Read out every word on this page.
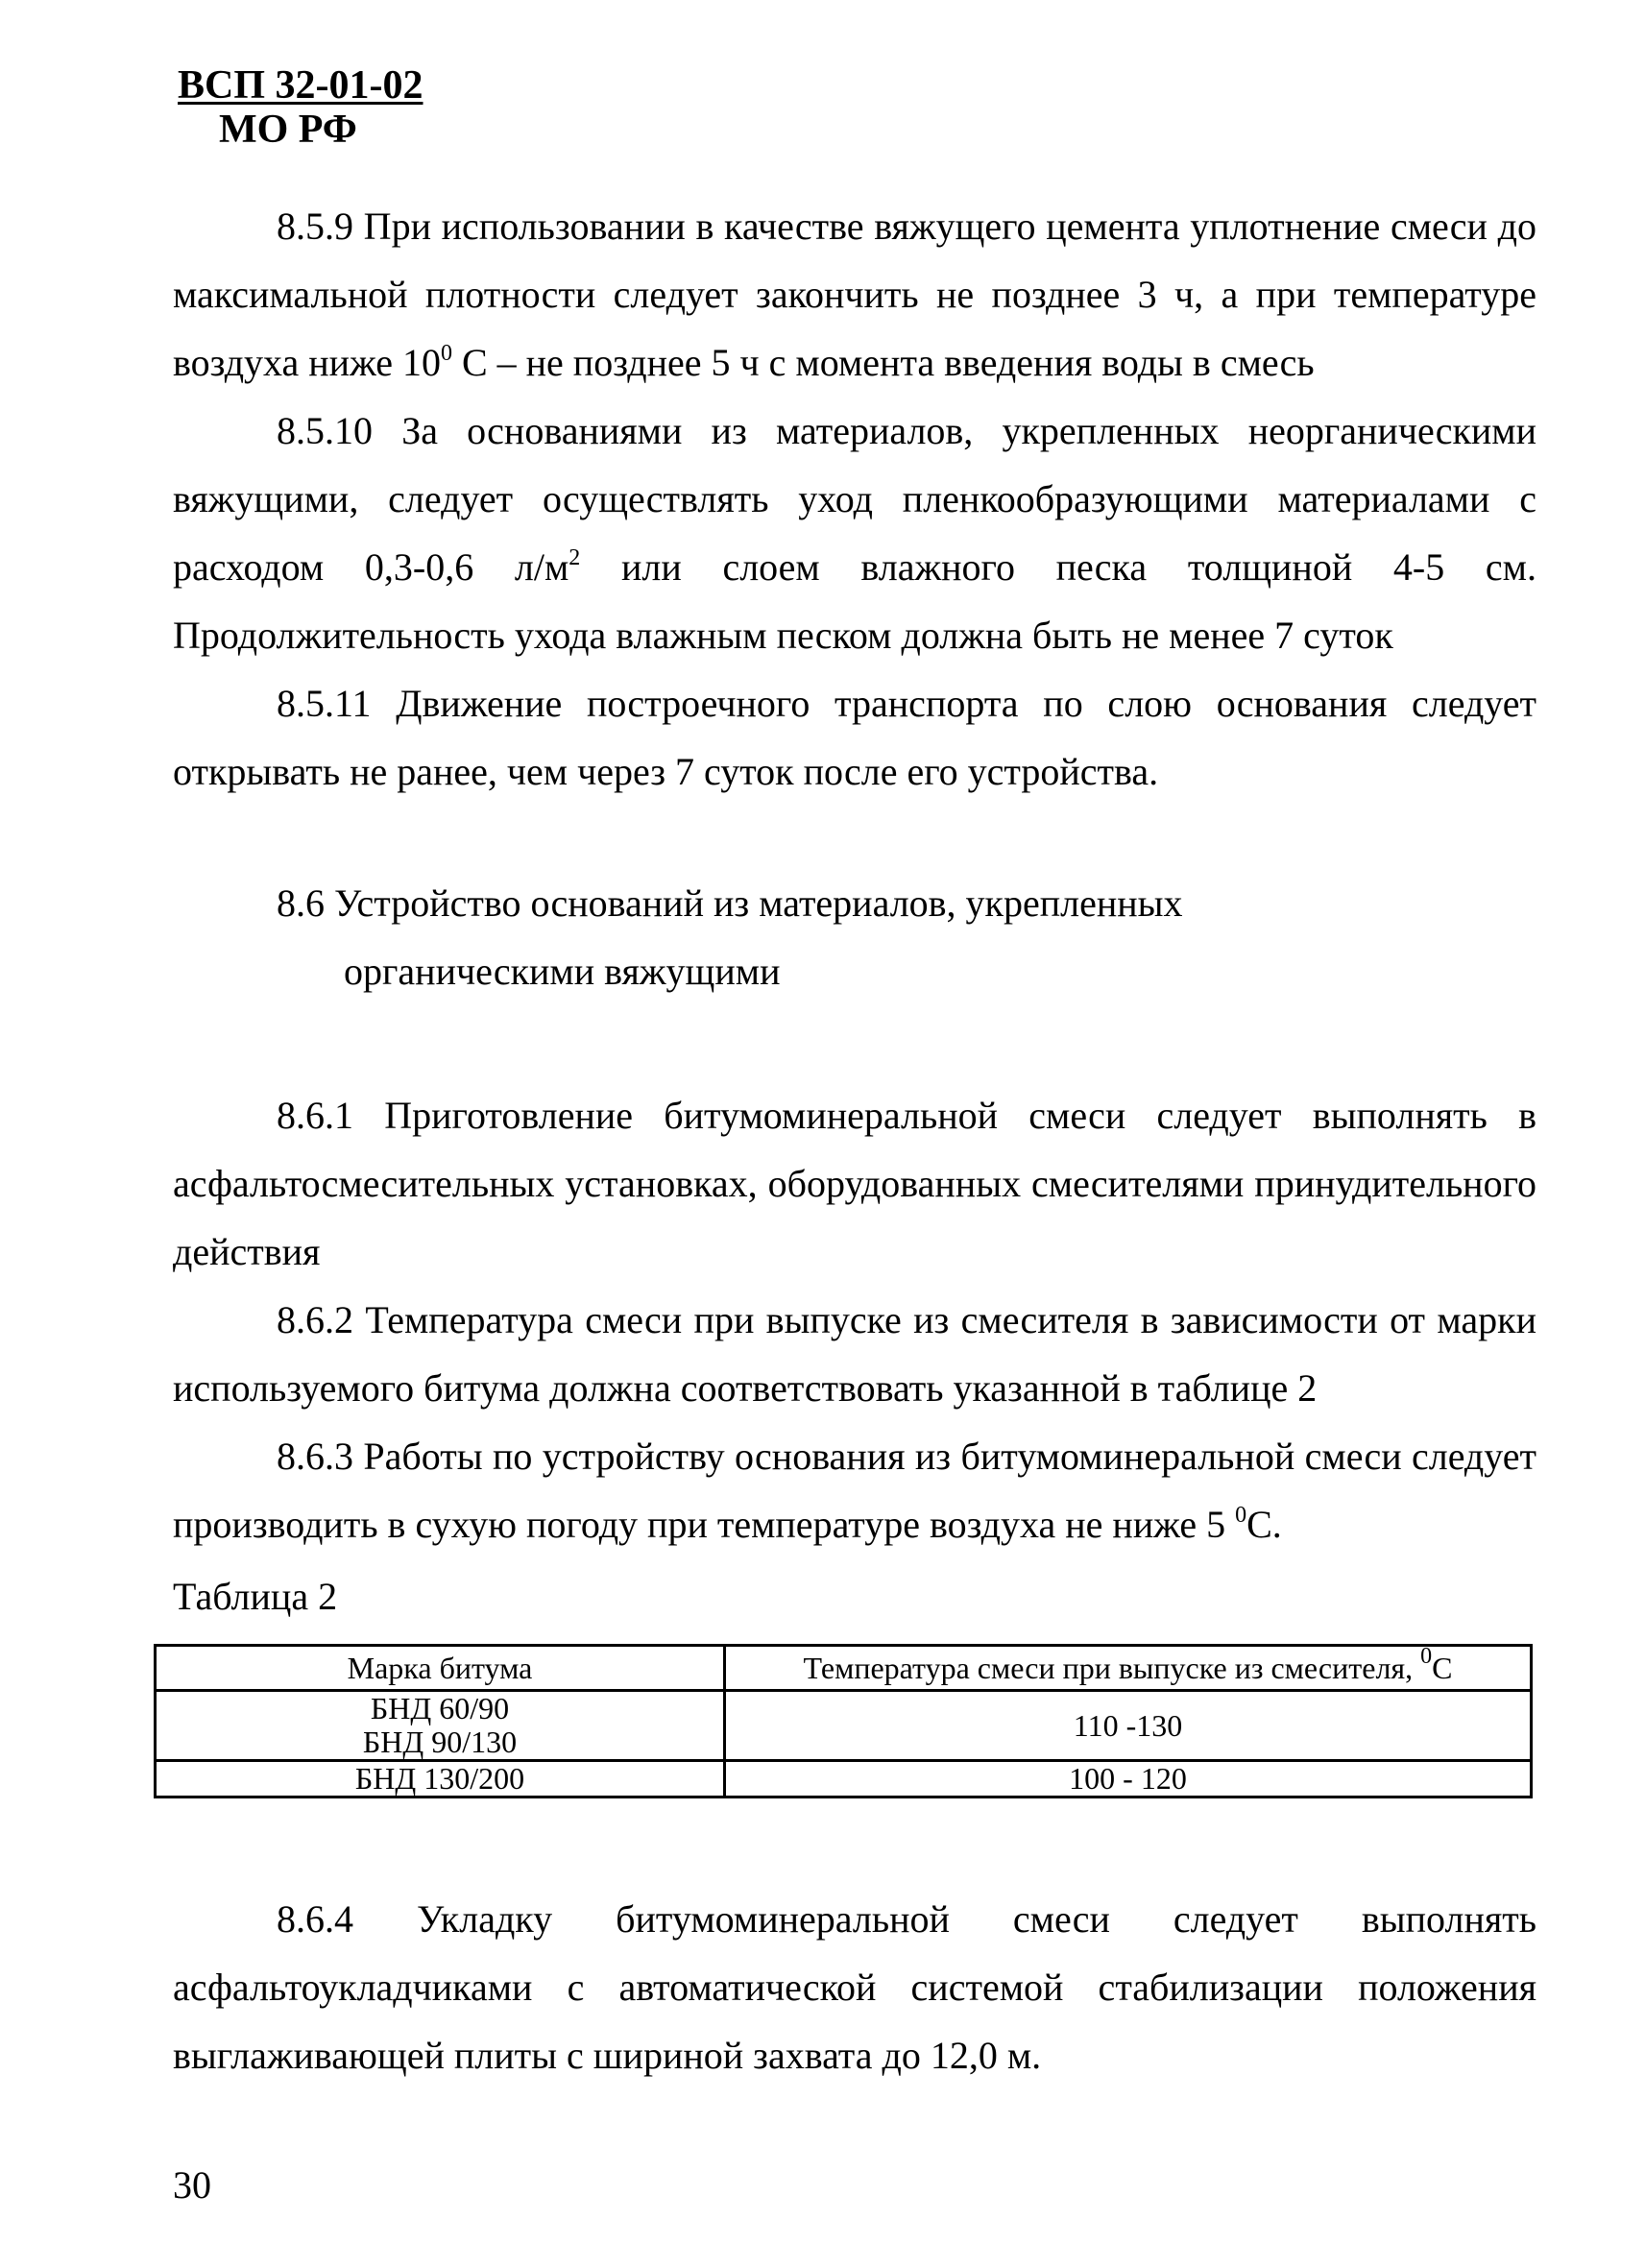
ВСП 32-01-02
МО РФ

8.5.9 При использовании в качестве вяжущего цемента уплотнение смеси до максимальной плотности следует закончить не позднее 3 ч, а при температуре воздуха ниже $10^0$ С – не позднее 5 ч с момента введения воды в смесь

8.5.10 За основаниями из материалов, укрепленных неорганическими вяжущими, следует осуществлять уход пленкообразующими материалами с расходом 0,3-0,6 $л/м^2$ или слоем влажного песка толщиной 4-5 см. Продолжительность ухода влажным песком должна быть не менее 7 суток

8.5.11 Движение построечного транспорта по слою основания следует открывать не ранее, чем через 7 суток после его устройства.

8.6 Устройство оснований из материалов, укрепленных
органическими вяжущими

8.6.1 Приготовление битумоминеральной смеси следует выполнять в асфальтосмесительных установках, оборудованных смесителями принудительного действия

8.6.2 Температура смеси при выпуске из смесителя в зависимости от марки используемого битума должна соответствовать указанной в таблице 2

8.6.3 Работы по устройству основания из битумоминеральной смеси следует производить в сухую погоду при температуре воздуха не ниже 5 $^0$С.

Таблица 2
Марка битума	Температура смеси при выпуске из смесителя, $^0$С

БНД 60/90
БНД 90/130	110 -130
БНД 130/200	100 - 120

8.6.4 Укладку битумоминеральной смеси следует выполнять асфальтоукладчиками с автоматической системой стабилизации положения выглаживающей плиты с шириной захвата до 12,0 м.

30
